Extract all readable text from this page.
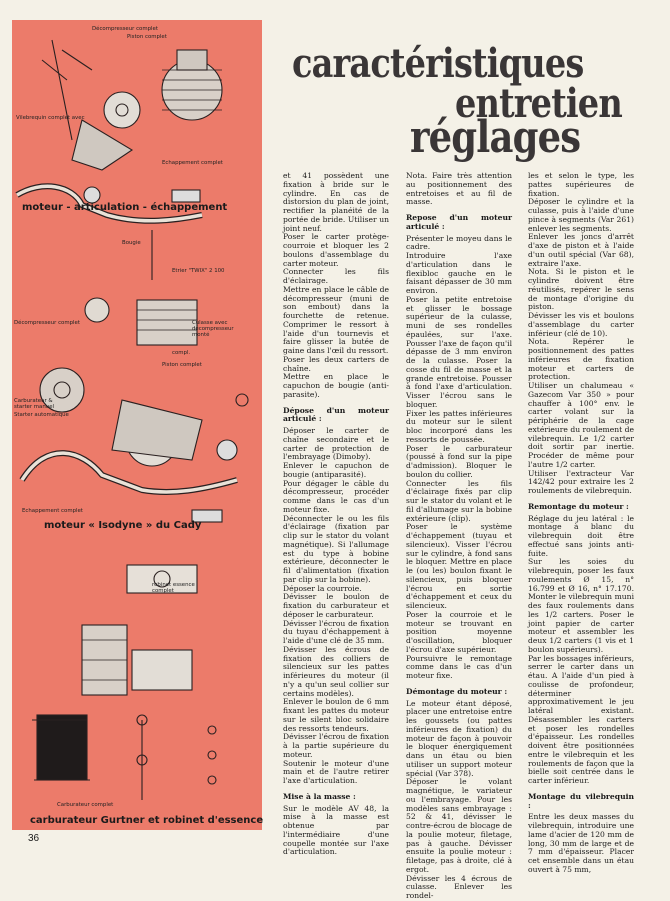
Décompresseur complet
Piston complet
Vilebrequin complet avec
Echappement complet
Bougie
Etrier "TWIX" 2 100
Décompresseur complet	Culasse avec décompresseur monté
compl.
Piston complet
Carburateur & starter manuel
Starter automatique
Echappement complet
robinet essence complet
Carburateur complet
moteur - articulation - échappement
moteur « Isodyne » du Cady
carburateur Gurtner et robinet d'essence
caractéristiques
entretien
réglages

et 41 possèdent une fixation à bride sur le cylindre. En cas de distorsion du plan de joint, rectifier la planéité de la portée de bride. Utiliser un joint neuf.

Poser le carter protège-courroie et bloquer les 2 boulons d'assemblage du carter moteur.

Connecter les fils d'éclairage.

Mettre en place le câble de décompresseur (muni de son embout) dans la fourchette de retenue. Comprimer le ressort à l'aide d'un tournevis et faire glisser la butée de gaine dans l'œil du ressort.

Poser les deux carters de chaîne.

Mettre en place le capuchon de bougie (anti-parasite).

Dépose d'un moteur articulé :

Déposer le carter de chaîne secondaire et le carter de protection de l'embrayage (Dimoby).

Enlever le capuchon de bougie (antiparasité).

Pour dégager le câble du décompresseur, procéder comme dans le cas d'un moteur fixe.

Déconnecter le ou les fils d'éclairage (fixation par clip sur le stator du volant magnétique). Si l'allumage est du type à bobine extérieure, déconnecter le fil d'alimentation (fixation par clip sur la bobine).

Déposer la courroie.

Dévisser le boulon de fixation du carburateur et déposer le carburateur.

Dévisser l'écrou de fixation du tuyau d'échappement à l'aide d'une clé de 35 mm.

Dévisser les écrous de fixation des colliers de silencieux sur les pattes inférieures du moteur (il n'y a qu'un seul collier sur certains modèles).

Enlever le boulon de 6 mm fixant les pattes du moteur sur le silent bloc solidaire des ressorts tendeurs.

Dévisser l'écrou de fixation à la partie supérieure du moteur.

Soutenir le moteur d'une main et de l'autre retirer l'axe d'articulation.

Mise à la masse :

Sur le modèle AV 48, la mise à la masse est obtenue par l'intermédiaire d'une coupelle montée sur l'axe d'articulation.

Nota. Faire très attention au positionnement des entretoises et au fil de masse.

Repose d'un moteur articulé :

Présenter le moyeu dans le cadre.

Introduire l'axe d'articulation dans le flexibloc gauche en le faisant dépasser de 30 mm environ.

Poser la petite entretoise et glisser le bossage supérieur de la culasse, muni de ses rondelles épaulées, sur l'axe. Pousser l'axe de façon qu'il dépasse de 3 mm environ de la culasse. Poser la cosse du fil de masse et la grande entretoise. Pousser à fond l'axe d'articulation. Visser l'écrou sans le bloquer.

Fixer les pattes inférieures du moteur sur le silent bloc incorporé dans les ressorts de poussée.

Poser le carburateur (poussé à fond sur la pipe d'admission). Bloquer le boulon du collier.

Connecter les fils d'éclairage fixés par clip sur le stator du volant et le fil d'allumage sur la bobine extérieure (clip).

Poser le système d'échappement (tuyau et silencieux). Visser l'écrou sur le cylindre, à fond sans le bloquer. Mettre en place le (ou les) boulon fixant le silencieux, puis bloquer l'écrou en sortie d'échappement et ceux du silencieux.

Poser la courroie et le moteur se trouvant en position moyenne d'oscillation, bloquer l'écrou d'axe supérieur.

Poursuivre le remontage comme dans le cas d'un moteur fixe.

Démontage du moteur :

Le moteur étant déposé, placer une entretoise entre les goussets (ou pattes inférieures de fixation) du moteur de façon à pouvoir le bloquer énergiquement dans un étau ou bien utiliser un support moteur spécial (Var 378).

Déposer le volant magnétique, le variateur ou l'embrayage. Pour les modèles sans embrayage : 52 & 41, dévisser le contre-écrou de blocage de la poulie moteur, filetage, pas à gauche. Dévisser ensuite la poulie moteur : filetage, pas à droite, clé à ergot.

Dévisser les 4 écrous de culasse. Enlever les rondel-

les et selon le type, les pattes supérieures de fixation.

Déposer le cylindre et la culasse, puis à l'aide d'une pince à segments (Var 261) enlever les segments.

Enlever les joncs d'arrêt d'axe de piston et à l'aide d'un outil spécial (Var 68), extraire l'axe.

Nota. Si le piston et le cylindre doivent être réutilisés, repérer le sens de montage d'origine du piston.

Dévisser les vis et boulons d'assemblage du carter inférieur (clé de 10).

Nota. Repérer le positionnement des pattes inférieures de fixation moteur et carters de protection.

Utiliser un chalumeau « Gazecom Var 350 » pour chauffer à 100° env. le carter volant sur la périphérie de la cage extérieure du roulement de vilebrequin. Le 1/2 carter doit sortir par inertie. Procéder de même pour l'autre 1/2 carter.

Utiliser l'extracteur Var 142/42 pour extraire les 2 roulements de vilebrequin.

Remontage du moteur :

Réglage du jeu latéral : le montage à blanc du vilebrequin doit être effectué sans joints anti-fuite.

Sur les soies du vilebrequin, poser les faux roulements Ø 15, n° 16.799 et Ø 16, n° 17.170. Monter le vilebrequin muni des faux roulements dans les 1/2 carters. Poser le joint papier de carter moteur et assembler les deux 1/2 carters (1 vis et 1 boulon supérieurs).

Par les bossages inférieurs, serrer le carter dans un étau. A l'aide d'un pied à coulisse de profondeur, déterminer approximativement le jeu latéral existant. Désassembler les carters et poser les rondelles d'épaisseur. Les rondelles doivent être positionnées entre le vilebrequin et les roulements de façon que la bielle soit centrée dans le carter inférieur.

Montage du vilebrequin :

Entre les deux masses du vilebrequin, introduire une lame d'acier de 120 mm de long, 30 mm de large et de 7 mm d'épaisseur. Placer cet ensemble dans un étau ouvert à 75 mm,

36
